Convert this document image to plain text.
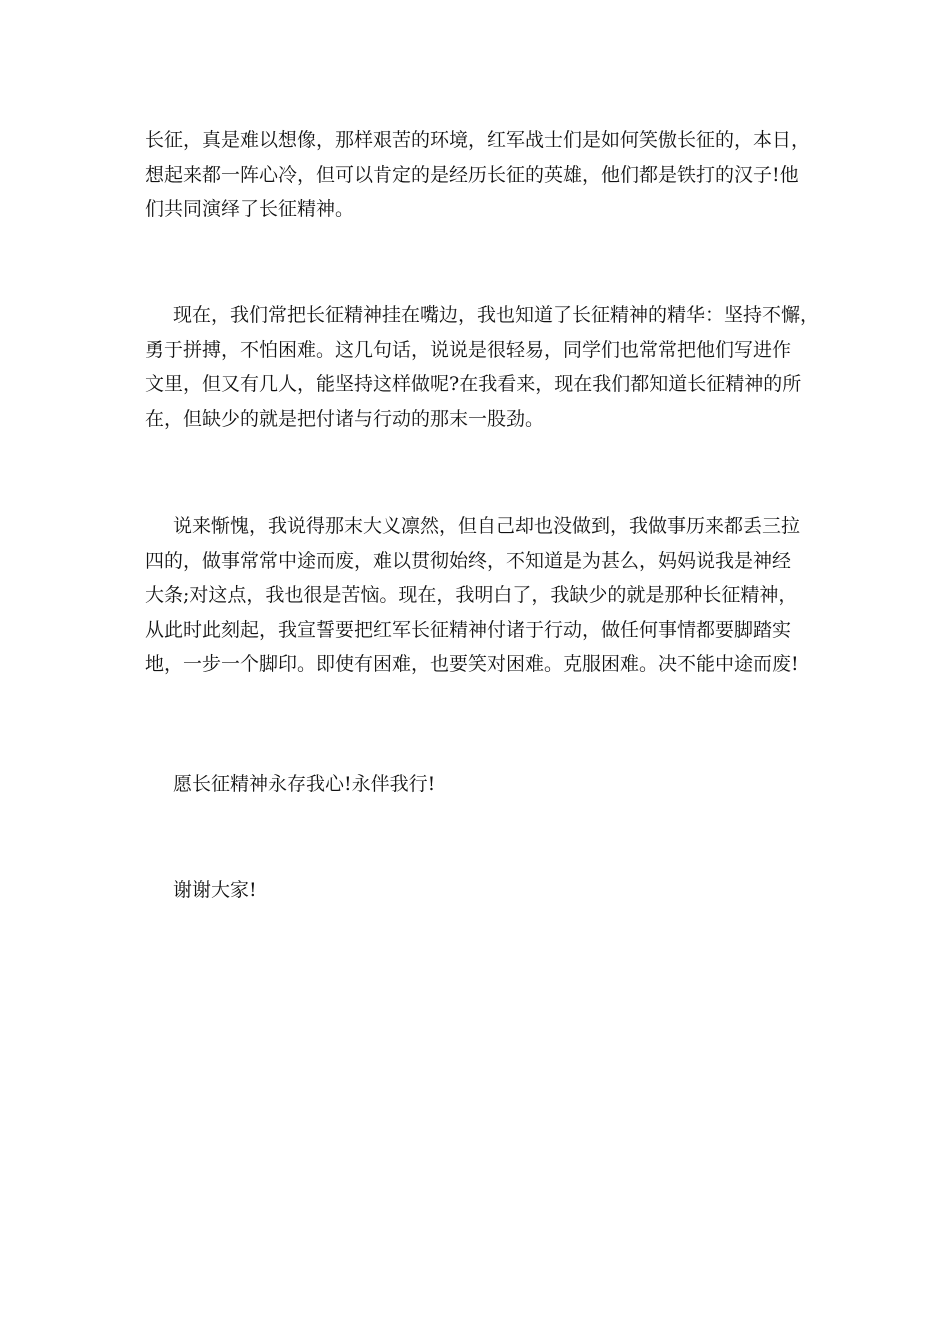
长征，真是难以想像，那样艰苦的环境，红军战士们是如何笑傲长征的，本日，
想起来都一阵心冷，但可以肯定的是经历长征的英雄，他们都是铁打的汉子!他
们共同演绎了长征精神。

现在，我们常把长征精神挂在嘴边，我也知道了长征精神的精华：坚持不懈，
勇于拼搏，不怕困难。这几句话，说说是很轻易，同学们也常常把他们写进作
文里，但又有几人，能坚持这样做呢?在我看来，现在我们都知道长征精神的所
在，但缺少的就是把付诸与行动的那末一股劲。

说来惭愧，我说得那末大义凛然，但自己却也没做到，我做事历来都丢三拉
四的，做事常常中途而废，难以贯彻始终，不知道是为甚么，妈妈说我是神经
大条;对这点，我也很是苦恼。现在，我明白了，我缺少的就是那种长征精神，
从此时此刻起，我宣誓要把红军长征精神付诸于行动，做任何事情都要脚踏实
地，一步一个脚印。即使有困难，也要笑对困难。克服困难。决不能中途而废!

愿长征精神永存我心!永伴我行!

谢谢大家!
